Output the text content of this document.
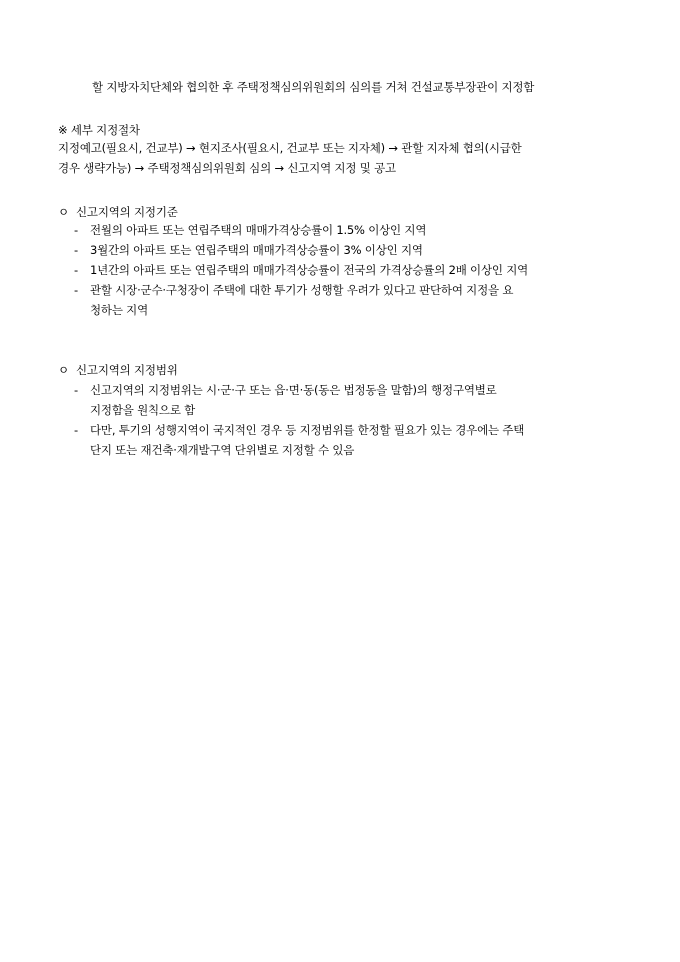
할 지방자치단체와 협의한 후 주택정책심의위원회의 심의를 거쳐 건설교통부장관이 지정함
※ 세부 지정절차
지정예고(필요시, 건교부) → 현지조사(필요시, 건교부 또는 지자체) → 관할 지자체 협의(시급한
경우 생략가능) → 주택정책심의위원회 심의 → 신고지역 지정 및 공고
ㅇ 신고지역의 지정기준
- 전월의 아파트 또는 연립주택의 매매가격상승률이 1.5% 이상인 지역
- 3월간의 아파트 또는 연립주택의 매매가격상승률이 3% 이상인 지역
- 1년간의 아파트 또는 연립주택의 매매가격상승률이 전국의 가격상승률의 2배 이상인 지역
- 관할 시장·군수·구청장이 주택에 대한 투기가 성행할 우려가 있다고 판단하여 지정을 요
청하는 지역
ㅇ 신고지역의 지정범위
- 신고지역의 지정범위는 시·군·구 또는 읍·면·동(동은 법정동을 말함)의 행정구역별로
지정함을 원칙으로 함
- 다만, 투기의 성행지역이 국지적인 경우 등 지정범위를 한정할 필요가 있는 경우에는 주택
단지 또는 재건축·재개발구역 단위별로 지정할 수 있음
